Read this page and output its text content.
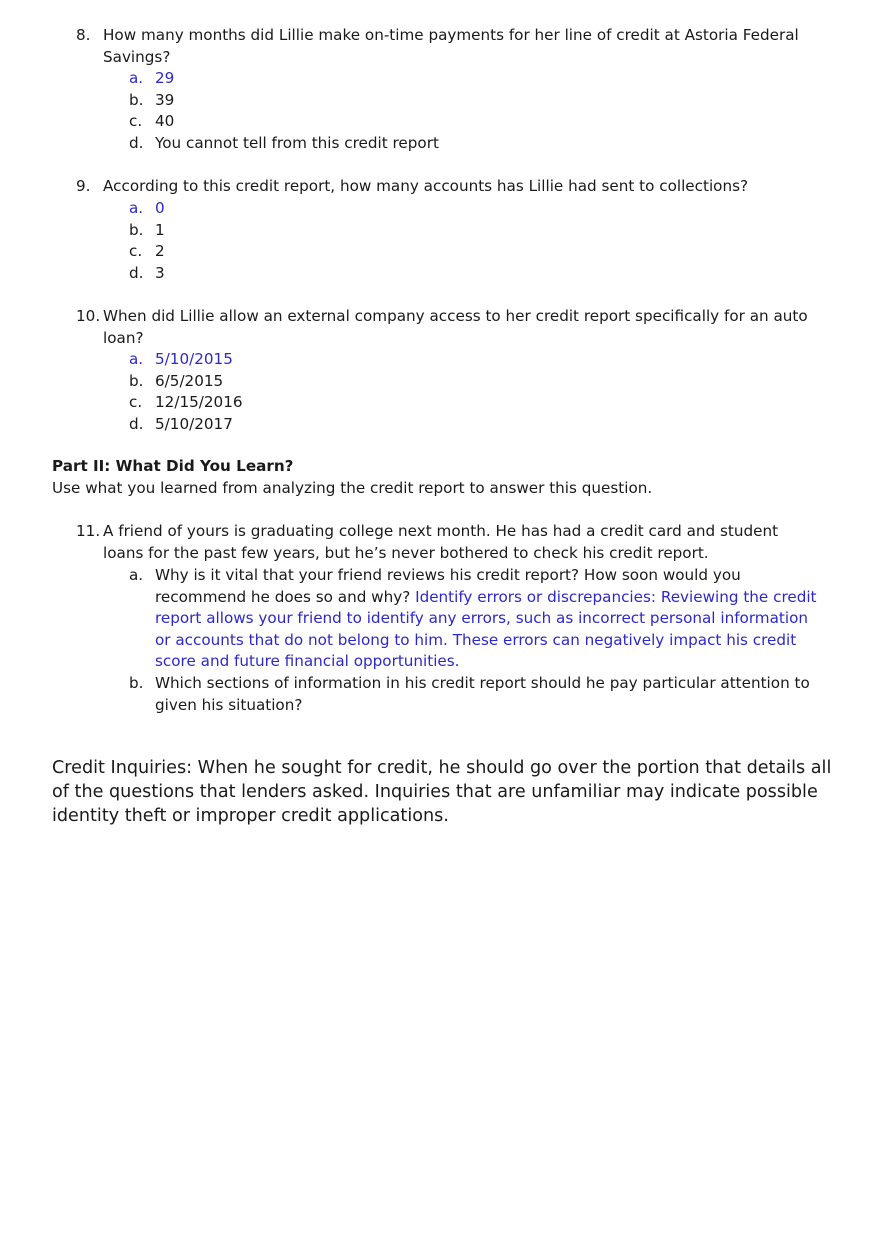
8. How many months did Lillie make on-time payments for her line of credit at Astoria Federal Savings?
a. 29
b. 39
c. 40
d. You cannot tell from this credit report
9. According to this credit report, how many accounts has Lillie had sent to collections?
a. 0
b. 1
c. 2
d. 3
10. When did Lillie allow an external company access to her credit report specifically for an auto loan?
a. 5/10/2015
b. 6/5/2015
c. 12/15/2016
d. 5/10/2017
Part II: What Did You Learn?
Use what you learned from analyzing the credit report to answer this question.
11. A friend of yours is graduating college next month. He has had a credit card and student loans for the past few years, but he’s never bothered to check his credit report.
a. Why is it vital that your friend reviews his credit report? How soon would you recommend he does so and why? Identify errors or discrepancies: Reviewing the credit report allows your friend to identify any errors, such as incorrect personal information or accounts that do not belong to him. These errors can negatively impact his credit score and future financial opportunities.
b. Which sections of information in his credit report should he pay particular attention to given his situation?
Credit Inquiries: When he sought for credit, he should go over the portion that details all of the questions that lenders asked. Inquiries that are unfamiliar may indicate possible identity theft or improper credit applications.
